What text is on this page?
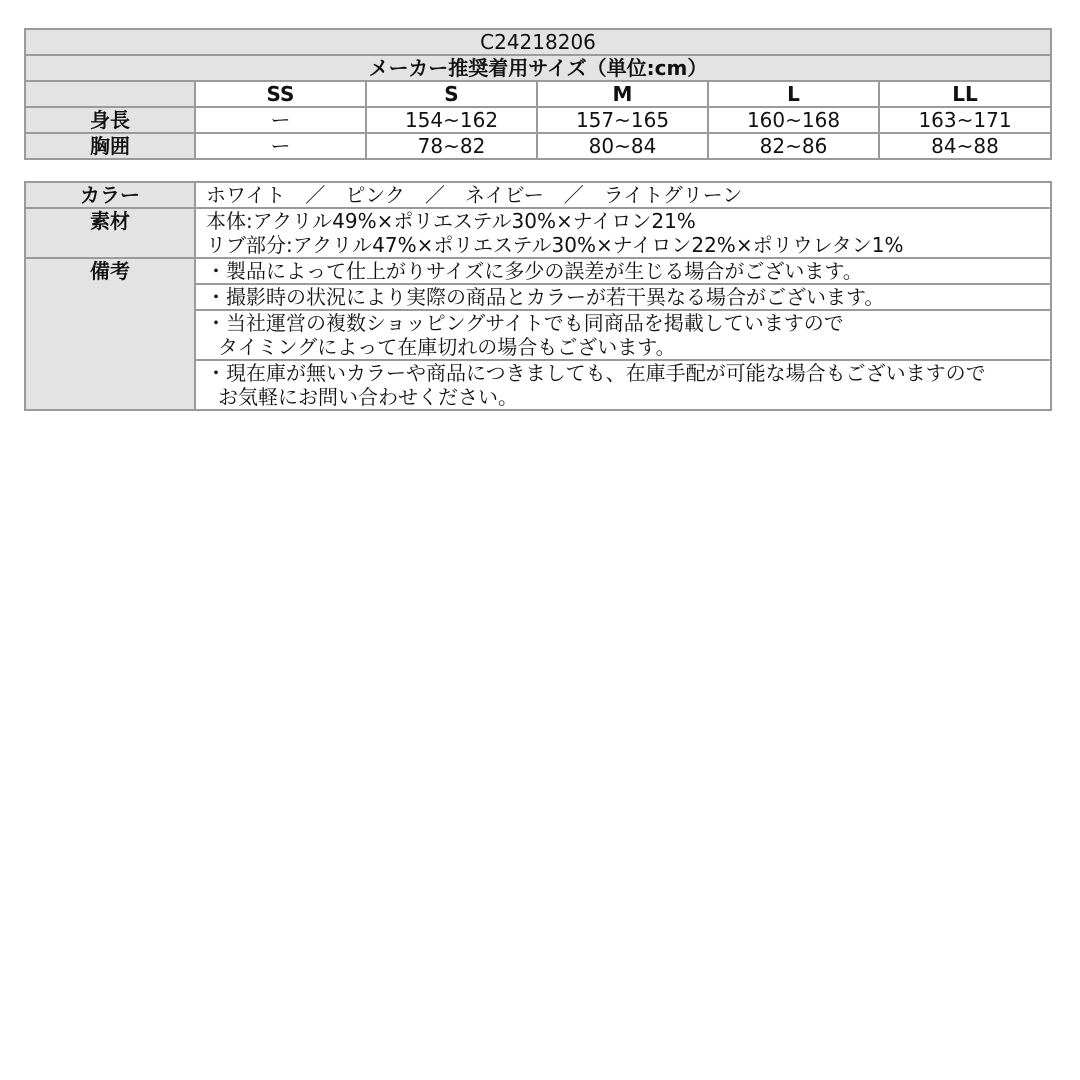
C24218206					
メーカー推奨着用サイズ（単位:cm）					
	SS	S	M	L	LL
身長	ー	154~162	157~165	160~168	163~171
胸囲	ー	78~82	80~84	82~86	84~88
カラー	ホワイト　／　ピンク　／　ネイビー　／　ライトグリーン
素材	本体:アクリル49%×ポリエステル30%×ナイロン21%
リブ部分:アクリル47%×ポリエステル30%×ナイロン22%×ポリウレタン1%

備考	・製品によって仕上がりサイズに多少の誤差が生じる場合がございます。

	・撮影時の状況により実際の商品とカラーが若干異なる場合がございます。

	・当社運営の複数ショッピングサイトでも同商品を掲載していますので
タイミングによって在庫切れの場合もございます。

	・現在庫が無いカラーや商品につきましても、在庫手配が可能な場合もございますので
お気軽にお問い合わせください。
